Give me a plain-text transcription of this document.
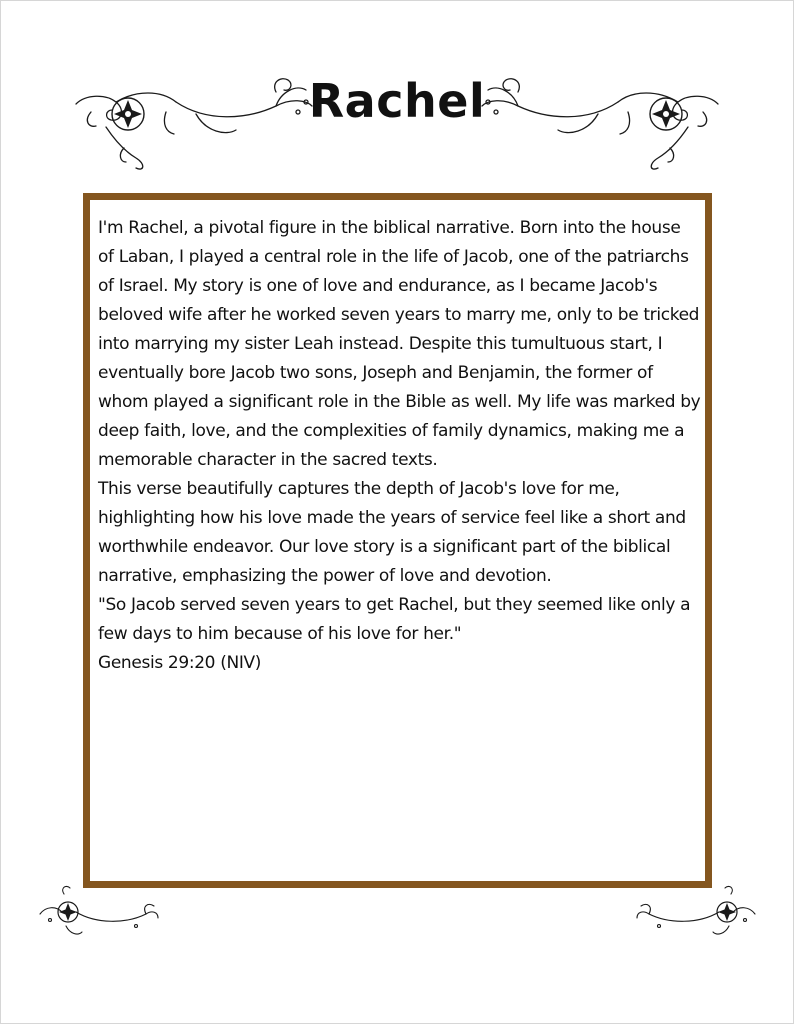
Rachel

I'm Rachel, a pivotal figure in the biblical narrative. Born into the house of Laban, I played a central role in the life of Jacob, one of the patriarchs of Israel. My story is one of love and endurance, as I became Jacob's beloved wife after he worked seven years to marry me, only to be tricked into marrying my sister Leah instead. Despite this tumultuous start, I eventually bore Jacob two sons, Joseph and Benjamin, the former of whom played a significant role in the Bible as well. My life was marked by deep faith, love, and the complexities of family dynamics, making me a memorable character in the sacred texts.

This verse beautifully captures the depth of Jacob's love for me, highlighting how his love made the years of service feel like a short and worthwhile endeavor. Our love story is a significant part of the biblical narrative, emphasizing the power of love and devotion.

"So Jacob served seven years to get Rachel, but they seemed like only a few days to him because of his love for her."

Genesis 29:20 (NIV)
